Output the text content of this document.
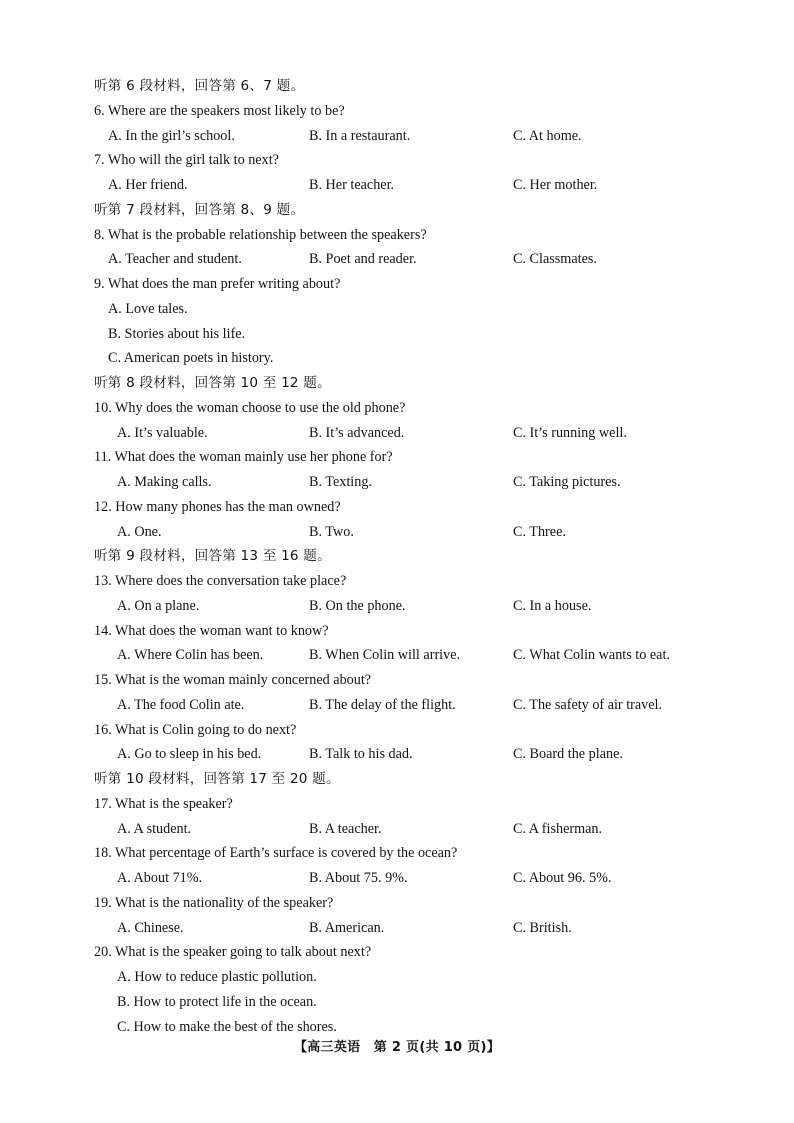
听第 6 段材料，回答第 6、7 题。
6. Where are the speakers most likely to be?
A. In the girl’s school.	B. In a restaurant.	C. At home.
7. Who will the girl talk to next?
A. Her friend.	B. Her teacher.	C. Her mother.
听第 7 段材料，回答第 8、9 题。
8. What is the probable relationship between the speakers?
A. Teacher and student.	B. Poet and reader.	C. Classmates.
9. What does the man prefer writing about?
A. Love tales.
B. Stories about his life.
C. American poets in history.
听第 8 段材料，回答第 10 至 12 题。
10. Why does the woman choose to use the old phone?
A. It’s valuable.	B. It’s advanced.	C. It’s running well.
11. What does the woman mainly use her phone for?
A. Making calls.	B. Texting.	C. Taking pictures.
12. How many phones has the man owned?
A. One.	B. Two.	C. Three.
听第 9 段材料，回答第 13 至 16 题。
13. Where does the conversation take place?
A. On a plane.	B. On the phone.	C. In a house.
14. What does the woman want to know?
A. Where Colin has been.	B. When Colin will arrive.	C. What Colin wants to eat.
15. What is the woman mainly concerned about?
A. The food Colin ate.	B. The delay of the flight.	C. The safety of air travel.
16. What is Colin going to do next?
A. Go to sleep in his bed.	B. Talk to his dad.	C. Board the plane.
听第 10 段材料，回答第 17 至 20 题。
17. What is the speaker?
A. A student.	B. A teacher.	C. A fisherman.
18. What percentage of Earth’s surface is covered by the ocean?
A. About 71%.	B. About 75. 9%.	C. About 96. 5%.
19. What is the nationality of the speaker?
A. Chinese.	B. American.	C. British.
20. What is the speaker going to talk about next?
A. How to reduce plastic pollution.
B. How to protect life in the ocean.
C. How to make the best of the shores.
【高三英语　第 2 页(共 10 页)】
